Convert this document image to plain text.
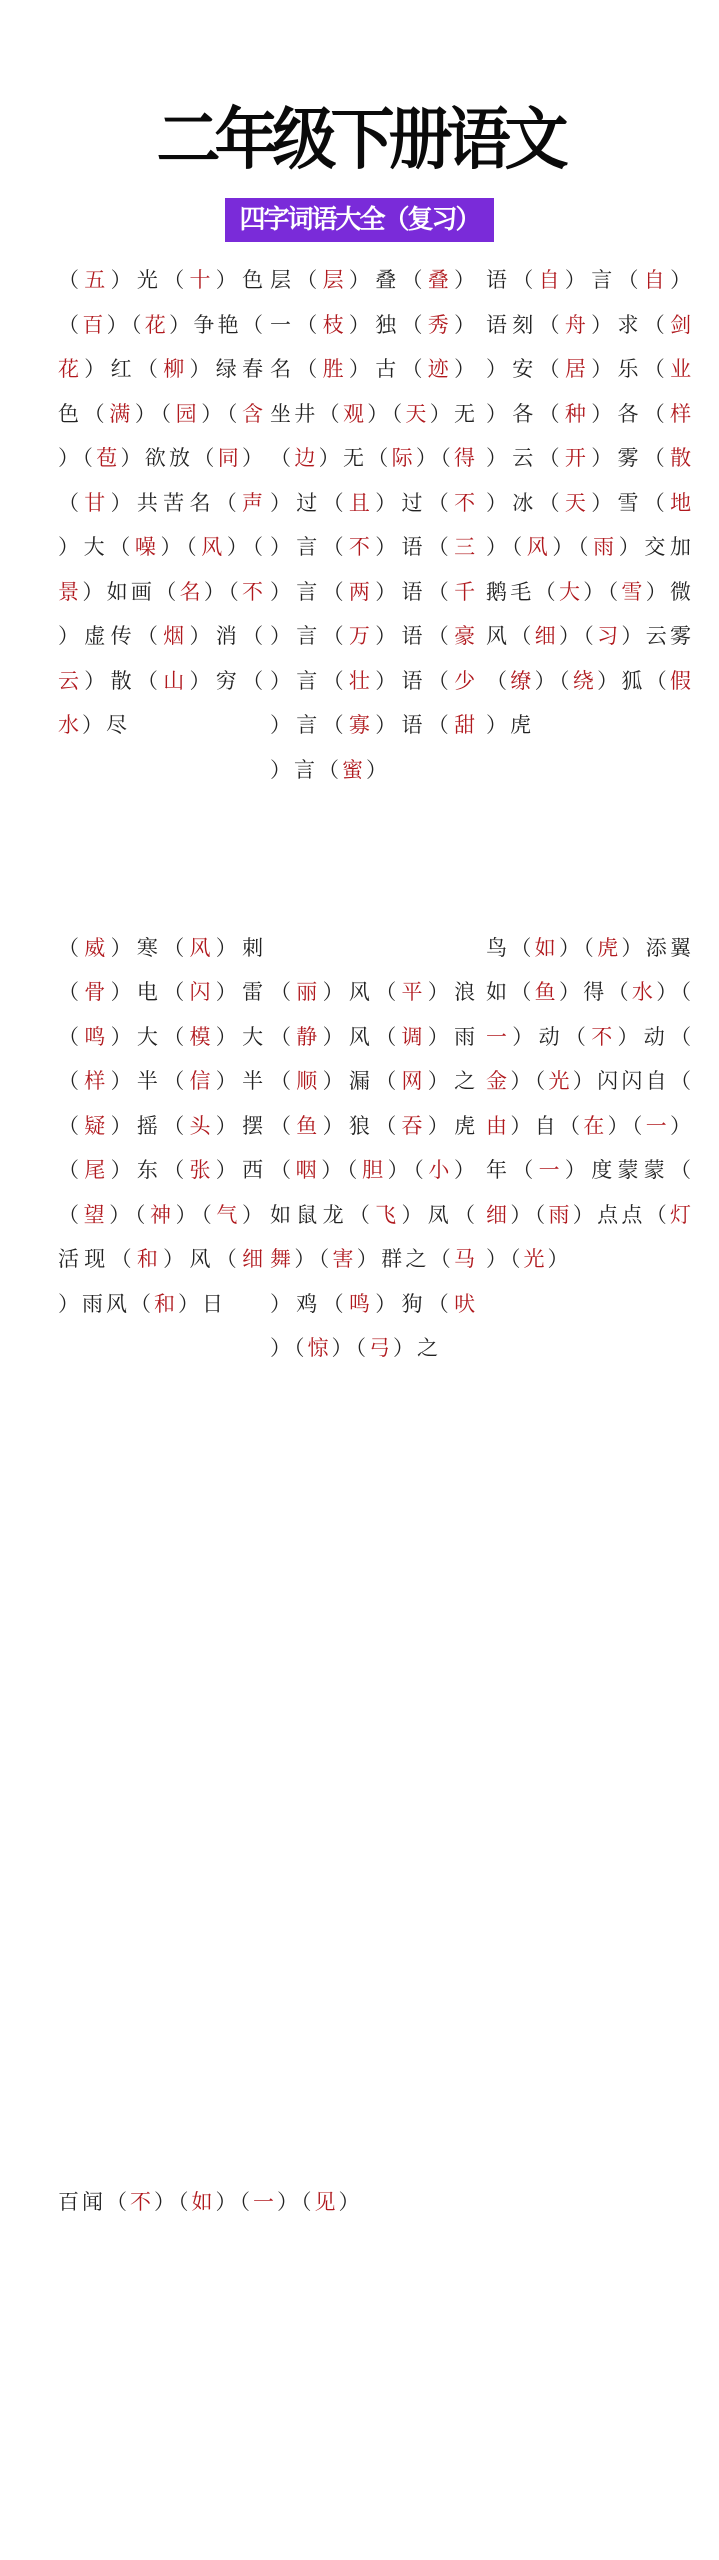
二年级下册语文
四字词语大全（复习）
（五）光（十）色（百）（花）争艳（花）红（柳）绿春色（满）（园）（含）（苞）欲放（同）（甘）共苦名（声）大（噪）（风）（景）如画（名）（不）虚传（烟）消（云）散（山）穷（水）尽
（威）寒（风）刺（骨）电（闪）雷（鸣）大（模）大（样）半（信）半（疑）摇（头）摆（尾）东（张）西（望）（神）（气）活现（和）风（细）雨风（和）日
层（层）叠（叠）一（枝）独（秀）名（胜）古（迹）坐井（观）（天）无（边）无（际）（得）过（且）过（不）言（不）语（三）言（两）语（千）言（万）语（豪）言（壮）语（少）言（寡）语（甜）言（蜜）
（丽）风（平）浪（静）风（调）雨（顺）漏（网）之（鱼）狼（吞）虎（咽）（胆）（小）如鼠龙（飞）凤（舞）（害）群之（马）鸡（鸣）狗（吠）（惊）（弓）之
语（自）言（自）语刻（舟）求（剑）安（居）乐（业）各（种）各（样）云（开）雾（散）冰（天）雪（地）（风）（雨）交加鹅毛（大）（雪）微风（细）（习）云雾（缭）（绕）狐（假）虎
鸟（如）（虎）添翼如（鱼）得（水）（一）动（不）动（金）（光）闪闪自（由）自（在）（一）年（一）度蒙蒙（细）（雨）点点（灯）（光）
百闻（不）（如）（一）（见）
